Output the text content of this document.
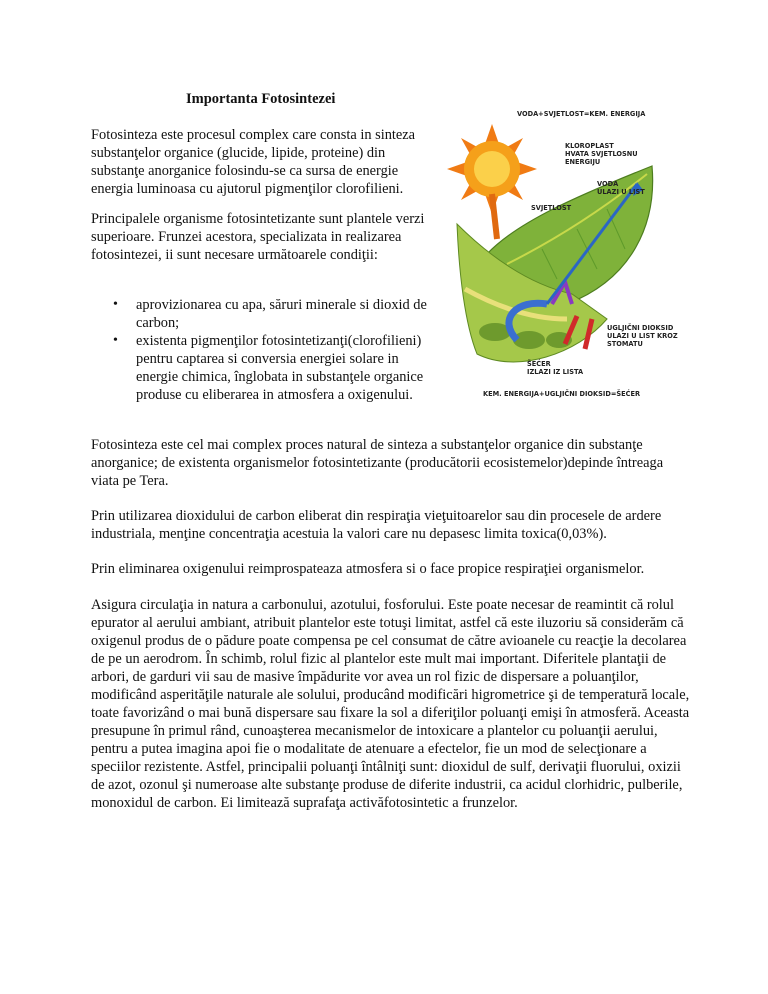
Importanta Fotosintezei

Fotosinteza este procesul complex care consta in sinteza substanţelor organice (glucide, lipide, proteine) din substanţe anorganice folosindu-se ca sursa de energie energia luminoasa cu ajutorul pigmenţilor clorofilieni.

Principalele organisme fotosintetizante sunt plantele verzi superioare. Frunzei acestora, specializata in realizarea fotosintezei, ii sunt necesare următoarele condiţii:

• aprovizionarea cu apa, săruri minerale si dioxid de carbon;
• existenta pigmenţilor fotosintetizanţi(clorofilieni) pentru captarea si conversia energiei solare in energie chimica, înglobata in substanţele organice produse cu eliberarea in atmosfera a oxigenului.

Fotosinteza este cel mai complex proces natural de sinteza a substanţelor organice din substanţe anorganice; de existenta organismelor fotosintetizante (producătorii ecosistemelor)depinde întreaga viata pe Tera.

Prin utilizarea dioxidului de carbon eliberat din respiraţia vieţuitoarelor sau din procesele de ardere industriala, menţine concentraţia acestuia la valori care nu depasesc limita toxica(0,03%).

Prin eliminarea oxigenului reimprospateaza atmosfera si o face propice respiraţiei organismelor.

Asigura circulaţia in natura a carbonului, azotului, fosforului. Este poate necesar de reamintit că rolul epurator al aerului ambiant, atribuit plantelor este totuşi limitat, astfel că este iluzoriu să considerăm că oxigenul produs de o pădure poate compensa pe cel consumat de către avioanele cu reacţie la decolarea de pe un aerodrom. În schimb, rolul fizic al plantelor este mult mai important. Diferitele plantaţii de arbori, de garduri vii sau de masive împădurite vor avea un rol fizic de dispersare a poluanţilor, modificând asperităţile naturale ale solului, producând modificări higrometrice şi de temperatură locale, toate favorizând o mai bună dispersare sau fixare la sol a diferiţilor poluanţi emişi în atmosferă. Aceasta presupune în primul rând, cunoaşterea mecanismelor de intoxicare a plantelor cu poluanţii aerului, pentru a putea imagina apoi fie o modalitate de atenuare a efectelor, fie un mod de selecţionare a speciilor rezistente. Astfel, principalii poluanţi întâlniţi sunt: dioxidul de sulf, derivaţii fluorului, oxizii de azot, ozonul şi numeroase alte substanţe produse de diferite industrii, ca acidul clorhidric, pulberile, monoxidul de carbon. Ei limitează suprafaţa activăfotosintetic a frunzelor.

VODA+SVJETLOST=KEM. ENERGIJA
KLOROPLAST
HVATA SVJETLOSNU
ENERGIJU
VODA
ULAZI U LIST
SVJETLOST
UGLJIČNI DIOKSID
ULAZI U LIST KROZ
STOMATU
ŠEĆER
IZLAZI IZ LISTA
KEM. ENERGIJA+UGLJIČNI DIOKSID=ŠEĆER
